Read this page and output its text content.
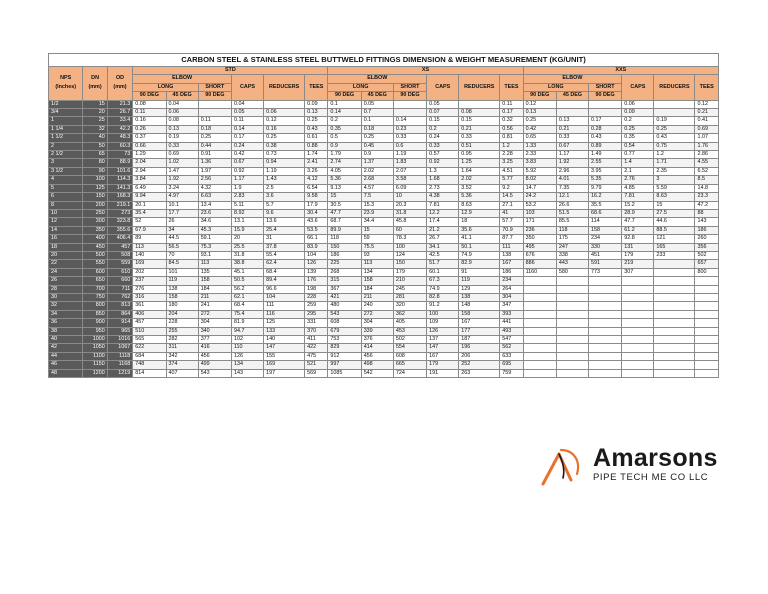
CARBON STEEL & STAINLESS STEEL BUTTWELD FITTINGS DIMENSION & WEIGHT MEASUREMENT (KG/UNIT)																				
NPS (Inches)	DN (mm)	OD (mm)	STD						XS						XXS					
			ELBOW			CAPS	REDUCERS	TEES	ELBOW			CAPS	REDUCERS	TEES	ELBOW			CAPS	REDUCERS	TEES
			LONG		SHORT				LONG		SHORT				LONG		SHORT			
			90 DEG	45 DEG	90 DEG				90 DEG	45 DEG	90 DEG				90 DEG	45 DEG	90 DEG			
1/2	15	21.3	0.08	0.04		0.04		0.09	0.1	0.05		0.05		0.11	0.12			0.06		0.12
3/4	20	26.7	0.11	0.06		0.05	0.06	0.13	0.14	0.7		0.07	0.08	0.17	0.13			0.09		0.21
1	25	33.4	0.16	0.08	0.11	0.11	0.12	0.25	0.2	0.1	0.14	0.15	0.15	0.32	0.25	0.13	0.17	0.2	0.19	0.41
1 1/4	32	42.2	0.26	0.13	0.18	0.14	0.16	0.43	0.35	0.18	0.23	0.2	0.21	0.56	0.42	0.21	0.28	0.25	0.25	0.69
1 1/2	40	48.3	0.37	0.19	0.25	0.17	0.25	0.61	0.5	0.25	0.33	0.24	0.33	0.81	0.65	0.33	0.43	0.35	0.43	1.07
2	50	60.3	0.66	0.33	0.44	0.24	0.38	0.88	0.9	0.45	0.6	0.33	0.51	1.2	1.33	0.67	0.89	0.54	0.75	1.76
2 1/2	65	73	1.29	0.69	0.91	0.42	0.73	1.74	1.79	0.9	1.19	0.57	0.95	2.28	2.33	1.17	1.49	0.77	1.2	2.86
3	80	88.9	2.04	1.02	1.36	0.67	0.94	2.41	2.74	1.37	1.83	0.92	1.25	3.25	3.83	1.92	2.55	1.4	1.71	4.55
3 1/2	90	101.6	2.94	1.47	1.97	0.92	1.19	3.26	4.05	2.02	2.07	1.3	1.64	4.51	5.92	2.96	3.95	2.1	2.35	6.52
4	100	114.3	3.84	1.92	2.56	1.17	1.43	4.12	5.36	2.68	3.58	1.68	2.02	5.77	8.02	4.01	5.35	2.76	3	8.5
5	125	141.3	6.49	3.24	4.32	1.9	2.5	6.54	9.13	4.57	6.09	2.73	3.52	9.2	14.7	7.35	9.79	4.85	5.59	14.8
6	150	168.3	9.94	4.97	6.63	2.83	3.6	9.58	15	7.5	10	4.38	5.36	14.5	24.2	12.1	16.2	7.81	8.63	23.3
8	200	219.1	20.1	10.1	13.4	5.11	5.7	17.9	30.5	15.3	20.3	7.81	8.63	27.1	53.2	26.6	35.5	15.2	15	47.2
10	250	273	35.4	17.7	23.6	8.92	9.6	30.4	47.7	23.9	31.8	12.2	12.9	41	103	51.5	68.6	28.9	27.5	88
12	300	323.8	52	26	34.6	13.1	13.6	43.6	68.7	34.4	45.8	17.4	18	57.7	171	85.5	114	47.7	44.6	143
14	350	355.6	67.9	34	45.3	15.9	25.4	53.5	89.9	15	60	21.2	35.6	70.9	236	118	158	61.2	88.5	186
16	400	406.4	89	44.5	59.1	20	31	66.1	118	59	78.3	26.7	41.1	87.7	350	175	234	92.8	121	260
18	450	457	113	56.5	75.3	25.5	37.8	83.9	150	75.5	100	34.1	50.1	111	495	247	330	131	165	356
20	500	508	140	70	93.1	31.8	55.4	104	186	93	124	42.5	74.9	138	676	338	451	179	233	502
22	550	559	169	84.5	113	38.8	62.4	126	225	113	150	51.7	82.9	167	886	443	591	219		657
24	600	610	202	101	135	45.1	68.4	139	268	134	179	60.1	91	186	1160	580	773	307		800
26	650	660	237	119	158	50.5	89.4	176	315	158	210	67.3	119	234						
28	700	711	276	138	184	56.2	96.6	198	367	184	245	74.9	129	264						
30	750	762	316	158	211	62.1	104	228	421	211	281	82.8	138	304						
32	800	813	361	180	241	68.4	111	259	480	240	320	91.2	148	347						
34	850	864	406	204	272	75.4	116	295	543	272	362	100	158	393						
36	900	914	457	228	304	81.9	125	331	608	304	405	109	167	441						
38	950	965	510	255	340	94.7	133	370	679	339	453	126	177	493						
40	1000	1016	565	282	377	102	140	411	753	376	502	137	187	547						
42	1050	1067	622	311	416	110	147	422	829	414	554	147	196	562						
44	1100	1118	684	342	456	126	155	475	912	456	608	167	206	633						
46	1150	1168	748	374	499	134	169	521	997	498	665	179	252	695						
48	1200	1219	814	407	543	143	197	569	1085	542	724	191	263	759						
Amarsons
PIPE TECH ME CO LLC
